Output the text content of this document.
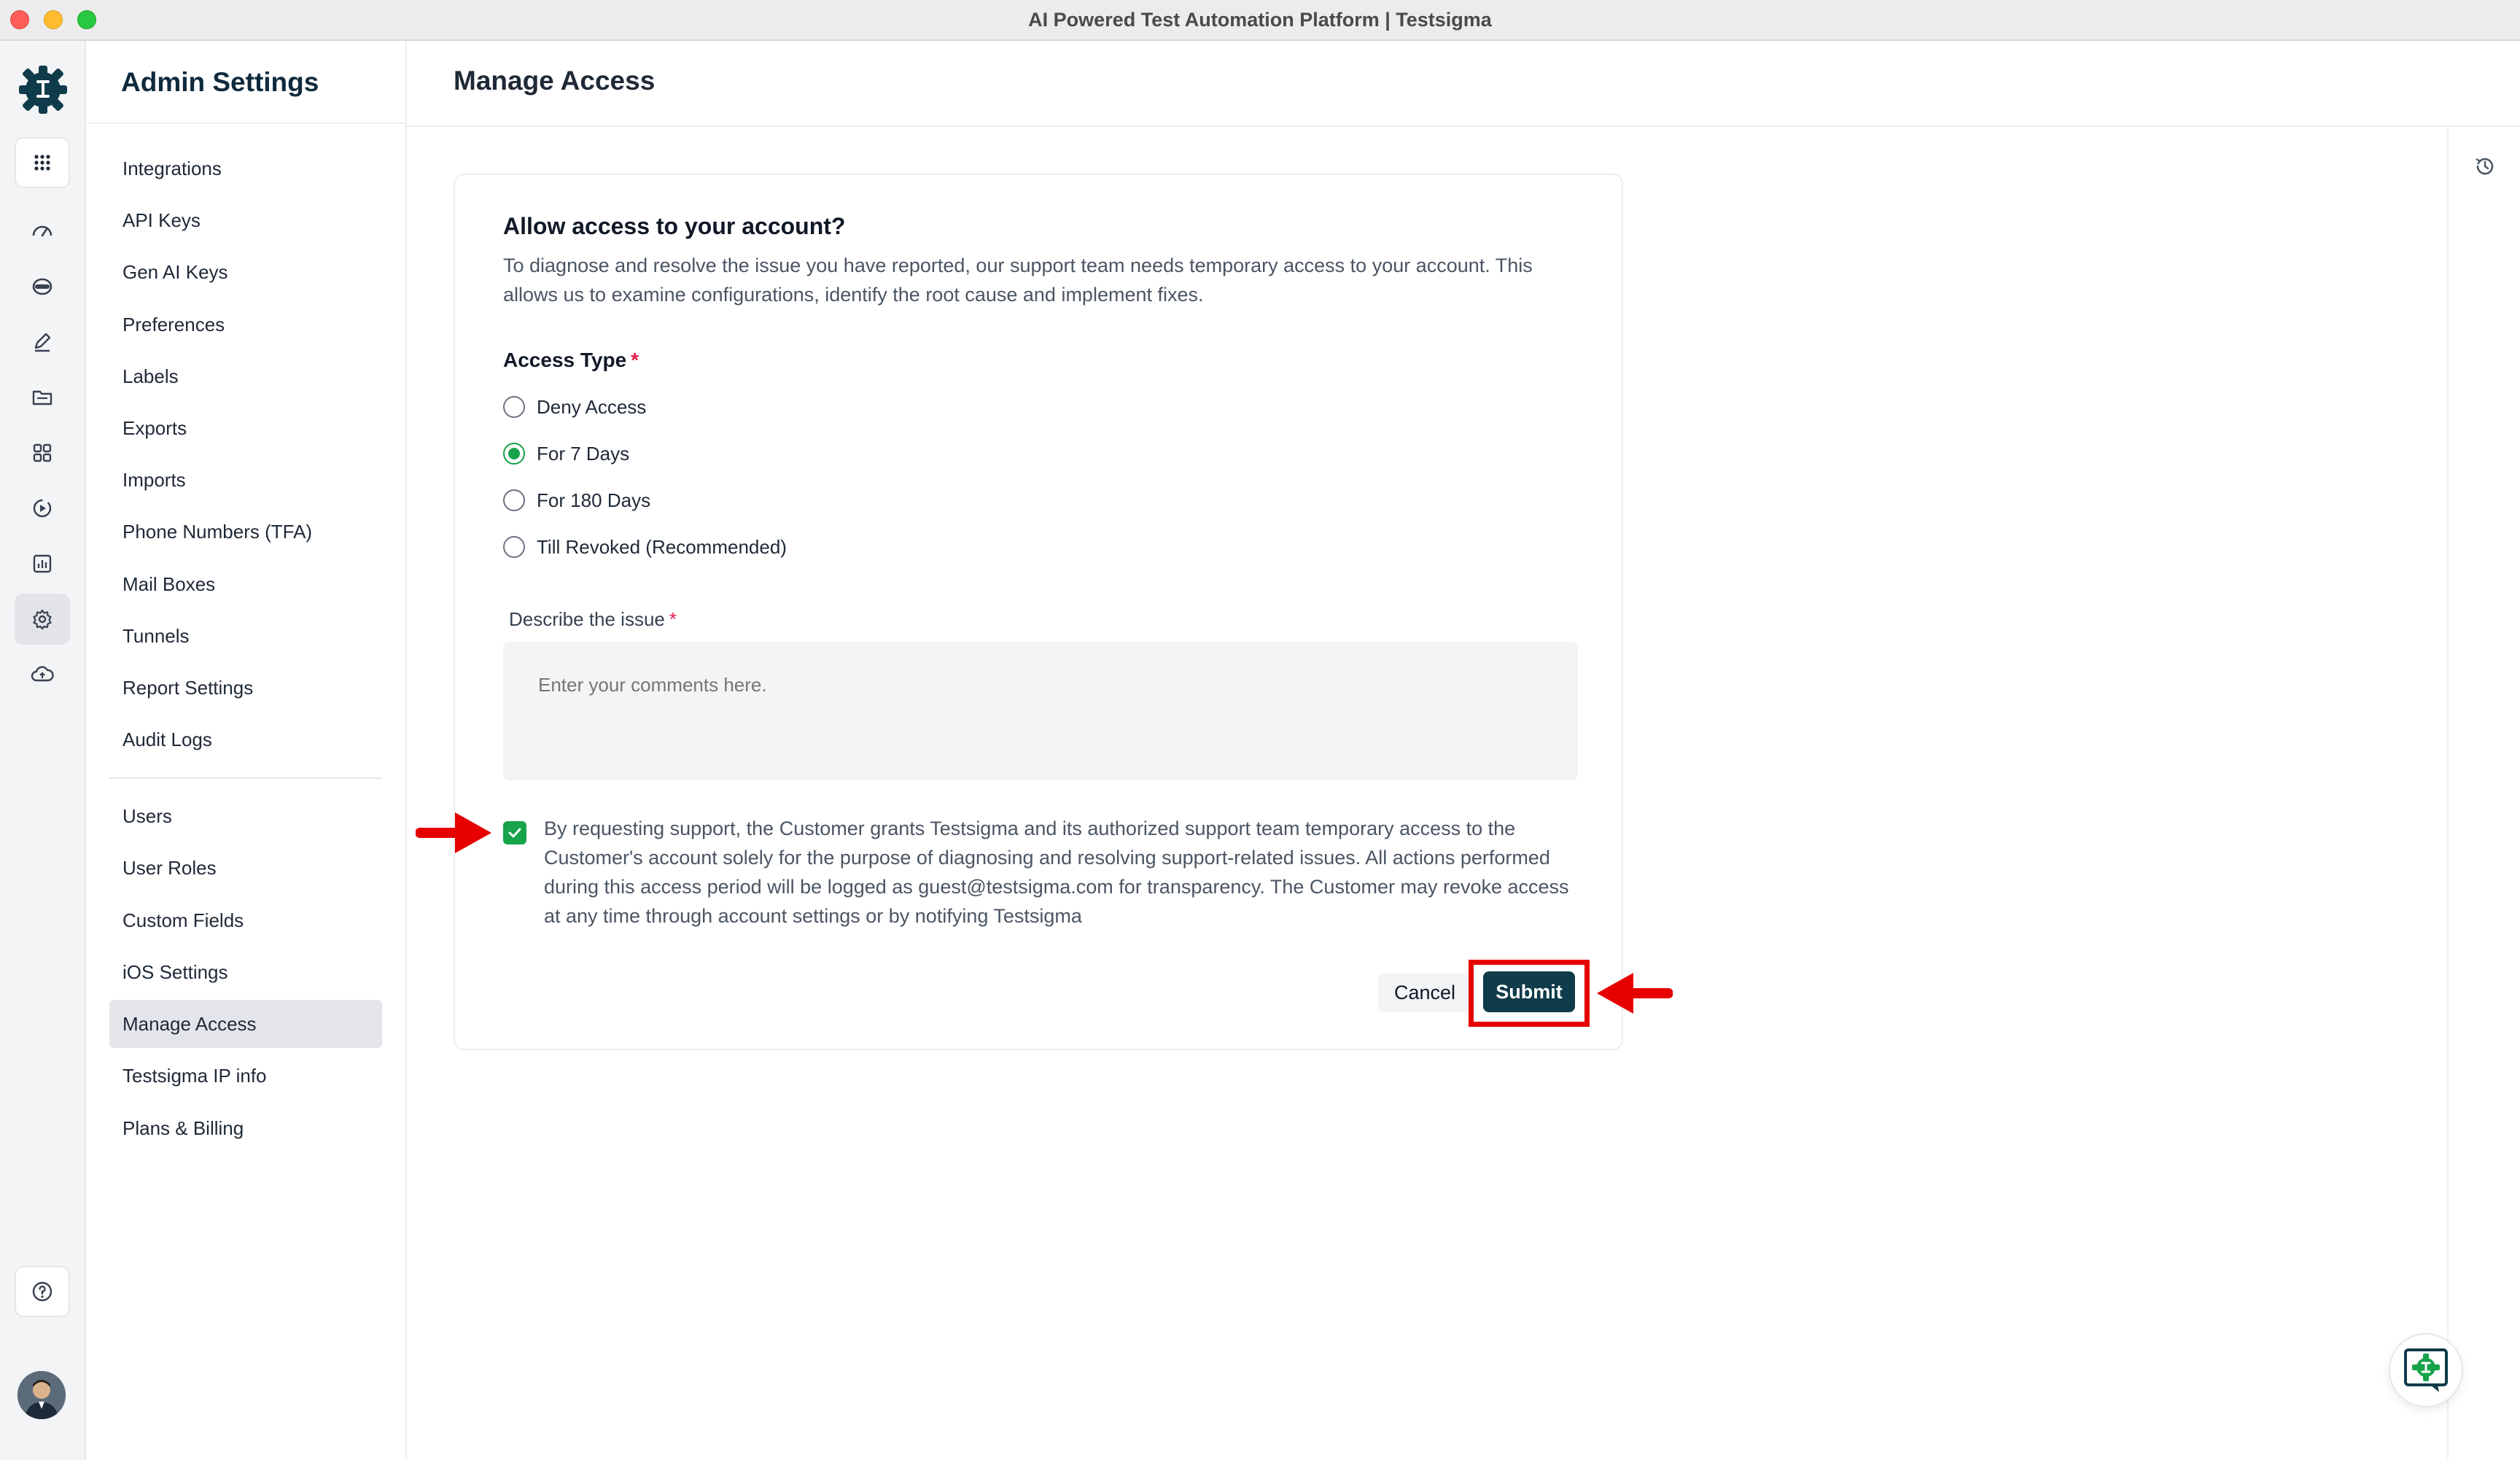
AI Powered Test Automation Platform | Testsigma
Admin Settings
Integrations
API Keys
Gen AI Keys
Preferences
Labels
Exports
Imports
Phone Numbers (TFA)
Mail Boxes
Tunnels
Report Settings
Audit Logs
Users
User Roles
Custom Fields
iOS Settings
Manage Access
Testsigma IP info
Plans & Billing
Manage Access
Allow access to your account?
To diagnose and resolve the issue you have reported, our support team needs temporary access to your account. This allows us to examine configurations, identify the root cause and implement fixes.
Access Type *
Deny Access
For 7 Days
For 180 Days
Till Revoked (Recommended)
Describe the issue *
Enter your comments here.
By requesting support, the Customer grants Testsigma and its authorized support team temporary access to the Customer's account solely for the purpose of diagnosing and resolving support-related issues. All actions performed during this access period will be logged as guest@testsigma.com for transparency. The Customer may revoke access at any time through account settings or by notifying Testsigma
Cancel	Submit
